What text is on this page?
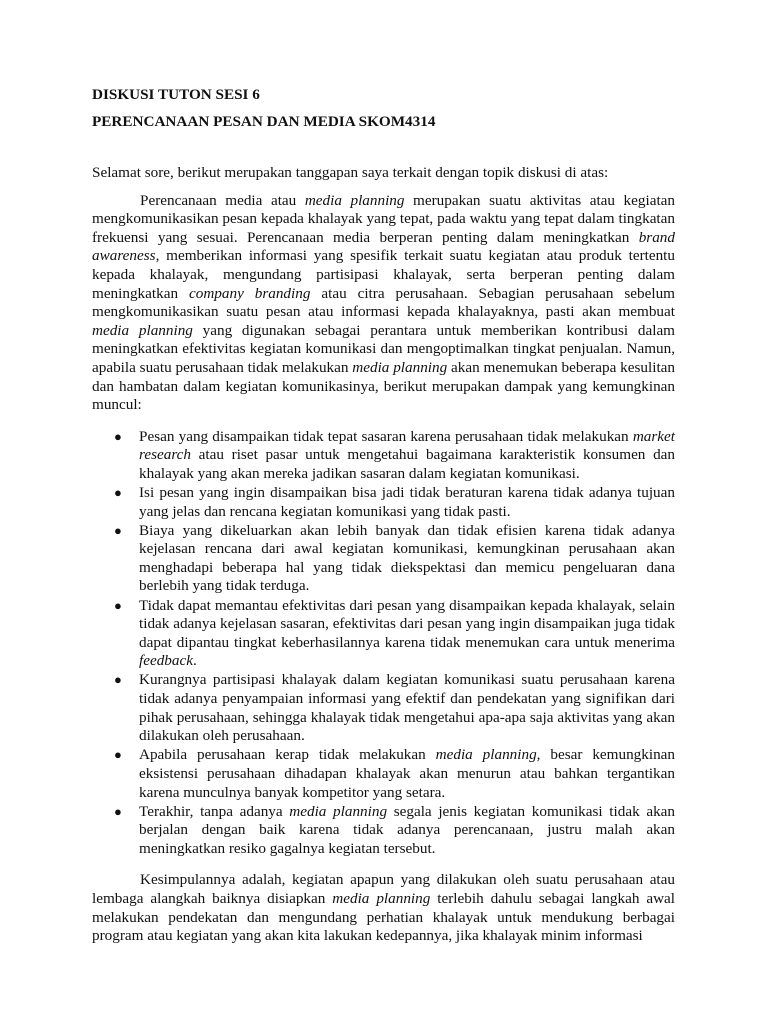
DISKUSI TUTON SESI 6

PERENCANAAN PESAN DAN MEDIA SKOM4314

Selamat sore, berikut merupakan tanggapan saya terkait dengan topik diskusi di atas:

Perencanaan media atau media planning merupakan suatu aktivitas atau kegiatan mengkomunikasikan pesan kepada khalayak yang tepat, pada waktu yang tepat dalam tingkatan frekuensi yang sesuai. Perencanaan media berperan penting dalam meningkatkan brand awareness, memberikan informasi yang spesifik terkait suatu kegiatan atau produk tertentu kepada khalayak, mengundang partisipasi khalayak, serta berperan penting dalam meningkatkan company branding atau citra perusahaan. Sebagian perusahaan sebelum mengkomunikasikan suatu pesan atau informasi kepada khalayaknya, pasti akan membuat media planning yang digunakan sebagai perantara untuk memberikan kontribusi dalam meningkatkan efektivitas kegiatan komunikasi dan mengoptimalkan tingkat penjualan. Namun, apabila suatu perusahaan tidak melakukan media planning akan menemukan beberapa kesulitan dan hambatan dalam kegiatan komunikasinya, berikut merupakan dampak yang kemungkinan muncul:

● Pesan yang disampaikan tidak tepat sasaran karena perusahaan tidak melakukan market research atau riset pasar untuk mengetahui bagaimana karakteristik konsumen dan khalayak yang akan mereka jadikan sasaran dalam kegiatan komunikasi.
● Isi pesan yang ingin disampaikan bisa jadi tidak beraturan karena tidak adanya tujuan yang jelas dan rencana kegiatan komunikasi yang tidak pasti.
● Biaya yang dikeluarkan akan lebih banyak dan tidak efisien karena tidak adanya kejelasan rencana dari awal kegiatan komunikasi, kemungkinan perusahaan akan menghadapi beberapa hal yang tidak diekspektasi dan memicu pengeluaran dana berlebih yang tidak terduga.
● Tidak dapat memantau efektivitas dari pesan yang disampaikan kepada khalayak, selain tidak adanya kejelasan sasaran, efektivitas dari pesan yang ingin disampaikan juga tidak dapat dipantau tingkat keberhasilannya karena tidak menemukan cara untuk menerima feedback.
● Kurangnya partisipasi khalayak dalam kegiatan komunikasi suatu perusahaan karena tidak adanya penyampaian informasi yang efektif dan pendekatan yang signifikan dari pihak perusahaan, sehingga khalayak tidak mengetahui apa-apa saja aktivitas yang akan dilakukan oleh perusahaan.
● Apabila perusahaan kerap tidak melakukan media planning, besar kemungkinan eksistensi perusahaan dihadapan khalayak akan menurun atau bahkan tergantikan karena munculnya banyak kompetitor yang setara.
● Terakhir, tanpa adanya media planning segala jenis kegiatan komunikasi tidak akan berjalan dengan baik karena tidak adanya perencanaan, justru malah akan meningkatkan resiko gagalnya kegiatan tersebut.

Kesimpulannya adalah, kegiatan apapun yang dilakukan oleh suatu perusahaan atau lembaga alangkah baiknya disiapkan media planning terlebih dahulu sebagai langkah awal melakukan pendekatan dan mengundang perhatian khalayak untuk mendukung berbagai program atau kegiatan yang akan kita lakukan kedepannya, jika khalayak minim informasi
